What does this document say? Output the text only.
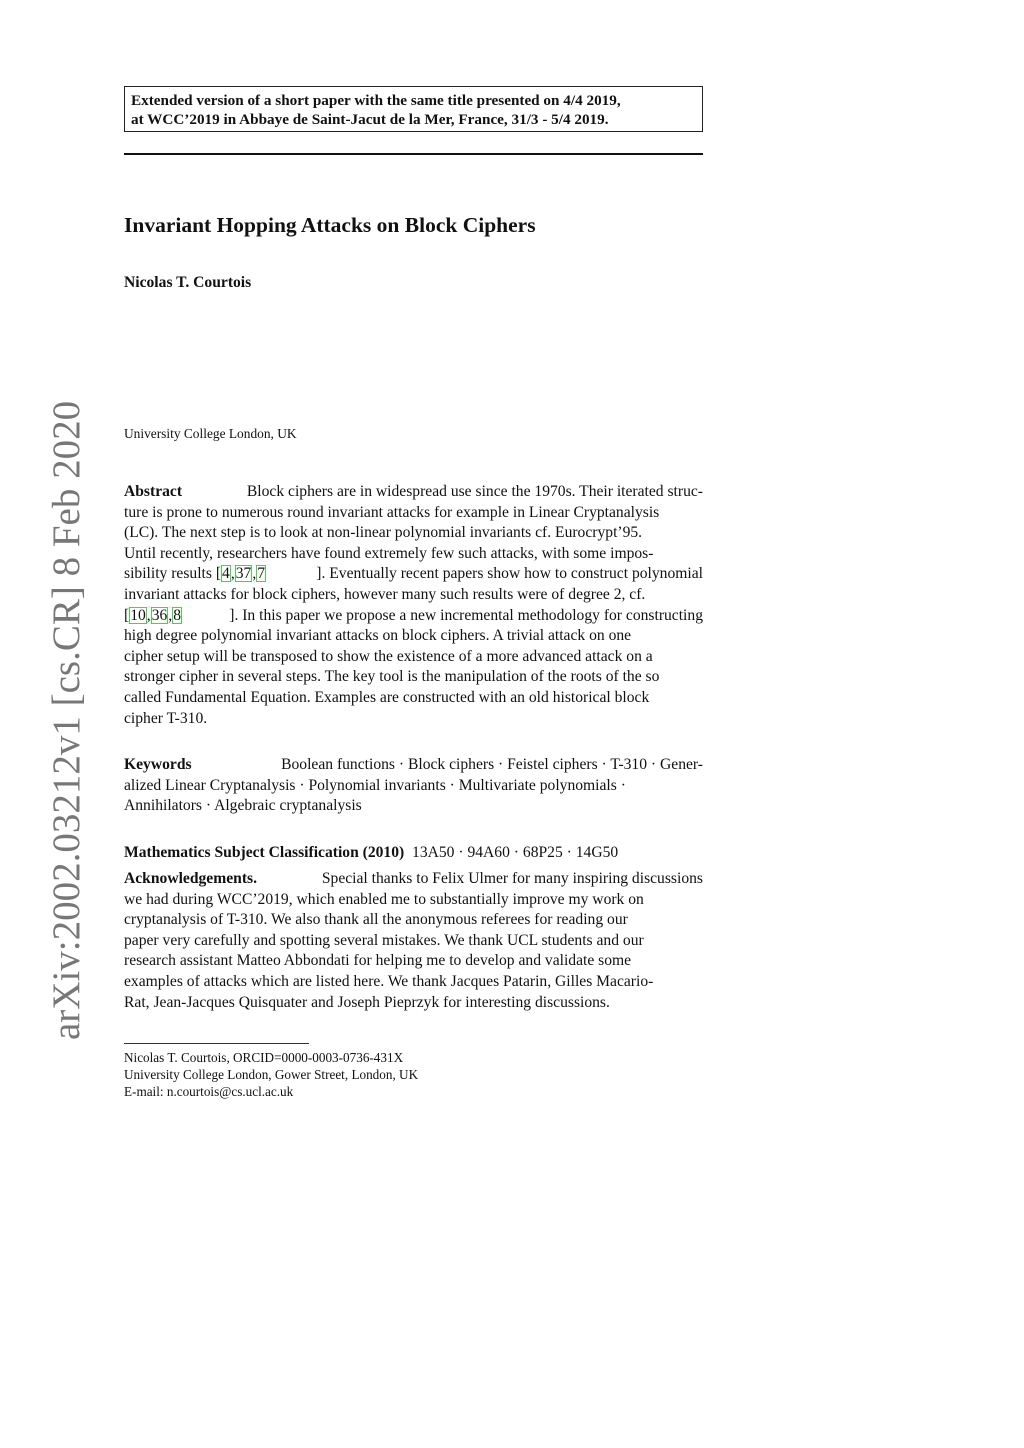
Extended version of a short paper with the same title presented on 4/4 2019,
at WCC’2019 in Abbaye de Saint-Jacut de la Mer, France, 31/3 - 5/4 2019.
Invariant Hopping Attacks on Block Ciphers
Nicolas T. Courtois
University College London, UK
arXiv:2002.03212v1 [cs.CR] 8 Feb 2020 Abstract	Block ciphers are in widespread use since the 1970s. Their iterated struc-
ture is prone to numerous round invariant attacks for example in Linear Cryptanalysis
(LC). The next step is to look at non-linear polynomial invariants cf. Eurocrypt’95.
Until recently, researchers have found extremely few such attacks, with some impos-
sibility results [4,37,7	]. Eventually recent papers show how to construct polynomial
invariant attacks for block ciphers, however many such results were of degree 2, cf.
[10,36,8	]. In this paper we propose a new incremental methodology for constructing
high degree polynomial invariant attacks on block ciphers. A trivial attack on one
cipher setup will be transposed to show the existence of a more advanced attack on a
stronger cipher in several steps. The key tool is the manipulation of the roots of the so
called Fundamental Equation. Examples are constructed with an old historical block
cipher T-310.
Keywords	Boolean functions · Block ciphers · Feistel ciphers · T-310 · Gener-
alized Linear Cryptanalysis · Polynomial invariants · Multivariate polynomials ·
Annihilators · Algebraic cryptanalysis
Mathematics Subject Classification (2010)
13A50 · 94A60 · 68P25 · 14G50
Acknowledgements.	Special thanks to Felix Ulmer for many inspiring discussions
we had during WCC’2019, which enabled me to substantially improve my work on
cryptanalysis of T-310. We also thank all the anonymous referees for reading our
paper very carefully and spotting several mistakes. We thank UCL students and our
research assistant Matteo Abbondati for helping me to develop and validate some
examples of attacks which are listed here. We thank Jacques Patarin, Gilles Macario-
Rat, Jean-Jacques Quisquater and Joseph Pieprzyk for interesting discussions.
Nicolas T. Courtois, ORCID=0000-0003-0736-431X
University College London, Gower Street, London, UK
E-mail: n.courtois@cs.ucl.ac.uk
